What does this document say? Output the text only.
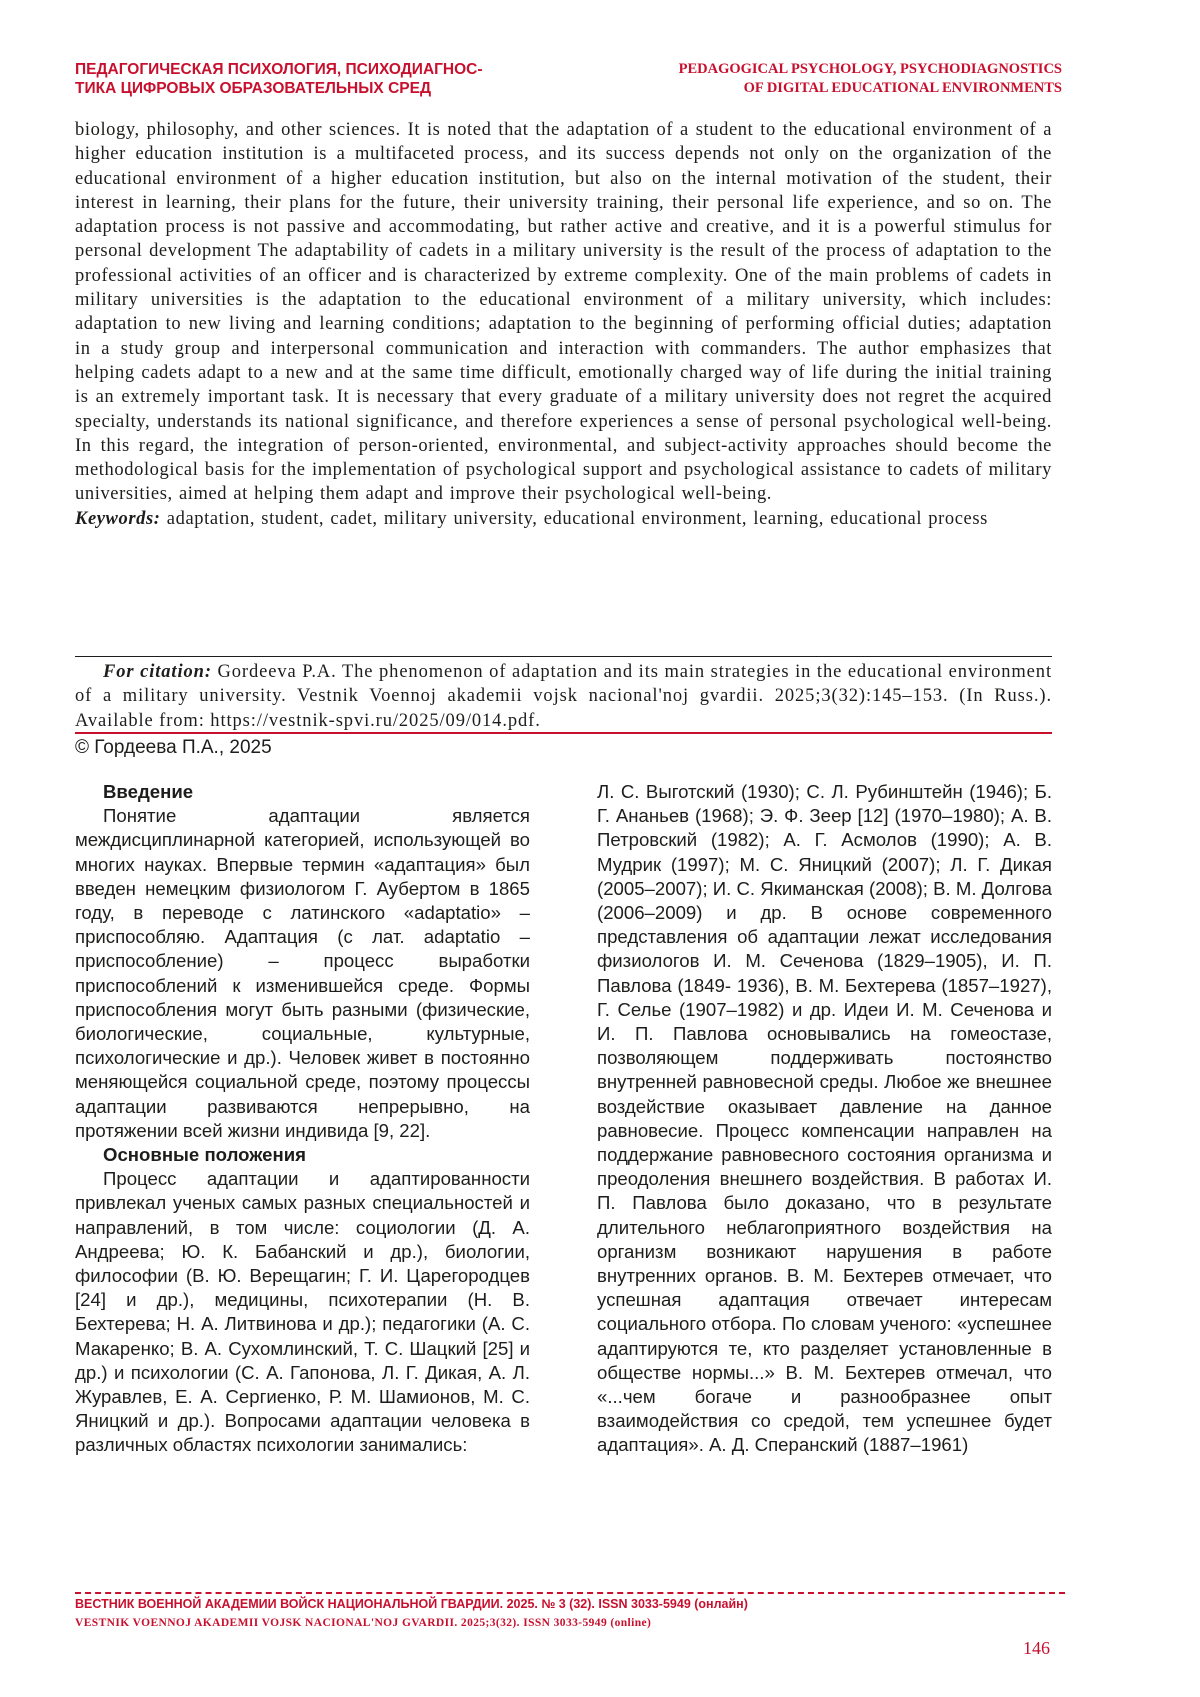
ПЕДАГОГИЧЕСКАЯ ПСИХОЛОГИЯ, ПСИХОДИАГНОС-
ТИКА ЦИФРОВЫХ ОБРАЗОВАТЕЛЬНЫХ СРЕД
PEDAGOGICAL PSYCHOLOGY, PSYCHODIAGNOSTICS
OF DIGITAL EDUCATIONAL ENVIRONMENTS

biology, philosophy, and other sciences. It is noted that the adaptation of a student to the educational environment of a higher education institution is a multifaceted process, and its success depends not only on the organization of the educational environment of a higher education institution, but also on the internal motivation of the student, their interest in learning, their plans for the future, their university training, their personal life experience, and so on. The adaptation process is not passive and accommodating, but rather active and creative, and it is a powerful stimulus for personal development The adaptability of cadets in a military university is the result of the process of adaptation to the professional activities of an officer and is characterized by extreme complexity. One of the main problems of cadets in military universities is the adaptation to the educational environment of a military university, which includes: adaptation to new living and learning conditions; adaptation to the beginning of performing official duties; adaptation in a study group and interpersonal communication and interaction with commanders. The author emphasizes that helping cadets adapt to a new and at the same time difficult, emotionally charged way of life during the initial training is an extremely important task. It is necessary that every graduate of a military university does not regret the acquired specialty, understands its national significance, and therefore experiences a sense of personal psychological well-being. In this regard, the integration of person-oriented, environmental, and subject-activity approaches should become the methodological basis for the implementation of psychological support and psychological assistance to cadets of military universities, aimed at helping them adapt and improve their psychological well-being.

Keywords: adaptation, student, cadet, military university, educational environment, learning, educational process

For citation: Gordeeva P.A. The phenomenon of adaptation and its main strategies in the educational environment of a military university. Vestnik Voennoj akademii vojsk nacional'noj gvardii. 2025;3(32):145–153. (In Russ.). Available from: https://vestnik-spvi.ru/2025/09/014.pdf.

© Гордеева П.А., 2025
Введение

Понятие адаптации является междисциплинарной категорией, использующей во многих науках. Впервые термин «адаптация» был введен немецким физиологом Г. Аубертом в 1865 году, в переводе с латинского «adaptatio» – приспособляю. Адаптация (с лат. adaptatio – приспособление) – процесс выработки приспособлений к изменившейся среде. Формы приспособления могут быть разными (физические, биологические, социальные, культурные, психологические и др.). Человек живет в постоянно меняющейся социальной среде, поэтому процессы адаптации развиваются непрерывно, на протяжении всей жизни индивида [9, 22].

Основные положения

Процесс адаптации и адаптированности привлекал ученых самых разных специальностей и направлений, в том числе: социологии (Д. А. Андреева; Ю. К. Бабанский и др.), биологии, философии (В. Ю. Верещагин; Г. И. Царегородцев [24] и др.), медицины, психотерапии (Н. В. Бехтерева; Н. А. Литвинова и др.); педагогики (А. С. Макаренко; В. А. Сухомлинский, Т. С. Шацкий [25] и др.) и психологии (С. А. Гапонова, Л. Г. Дикая, А. Л. Журавлев, Е. А. Сергиенко, Р. М. Шамионов, М. С. Яницкий и др.). Вопросами адаптации человека в различных областях психологии занимались:

Л. С. Выготский (1930); С. Л. Рубинштейн (1946); Б. Г. Ананьев (1968); Э. Ф. Зеер [12] (1970–1980); А. В. Петровский (1982); А. Г. Асмолов (1990); А. В. Мудрик (1997); М. С. Яницкий (2007); Л. Г. Дикая (2005–2007); И. С. Якиманская (2008); В. М. Долгова (2006–2009) и др. В основе современного представления об адаптации лежат исследования физиологов И. М. Сеченова (1829–1905), И. П. Павлова (1849- 1936), В. М. Бехтерева (1857–1927), Г. Селье (1907–1982) и др. Идеи И. М. Сеченова и И. П. Павлова основывались на гомеостазе, позволяющем поддерживать постоянство внутренней равновесной среды. Любое же внешнее воздействие оказывает давление на данное равновесие. Процесс компенсации направлен на поддержание равновесного состояния организма и преодоления внешнего воздействия. В работах И. П. Павлова было доказано, что в результате длительного неблагоприятного воздействия на организм возникают нарушения в работе внутренних органов. В. М. Бехтерев отмечает, что успешная адаптация отвечает интересам социального отбора. По словам ученого: «успешнее адаптируются те, кто разделяет установленные в обществе нормы...» В. М. Бехтерев отмечал, что «...чем богаче и разнообразнее опыт взаимодействия со средой, тем успешнее будет адаптация». А. Д. Сперанский (1887–1961)

ВЕСТНИК ВОЕННОЙ АКАДЕМИИ ВОЙСК НАЦИОНАЛЬНОЙ ГВАРДИИ. 2025. № 3 (32). ISSN 3033-5949 (онлайн)
VESTNIK VOENNOJ AKADEMII VOJSK NACIONAL'NOJ GVARDII. 2025;3(32). ISSN 3033-5949 (online)
146
